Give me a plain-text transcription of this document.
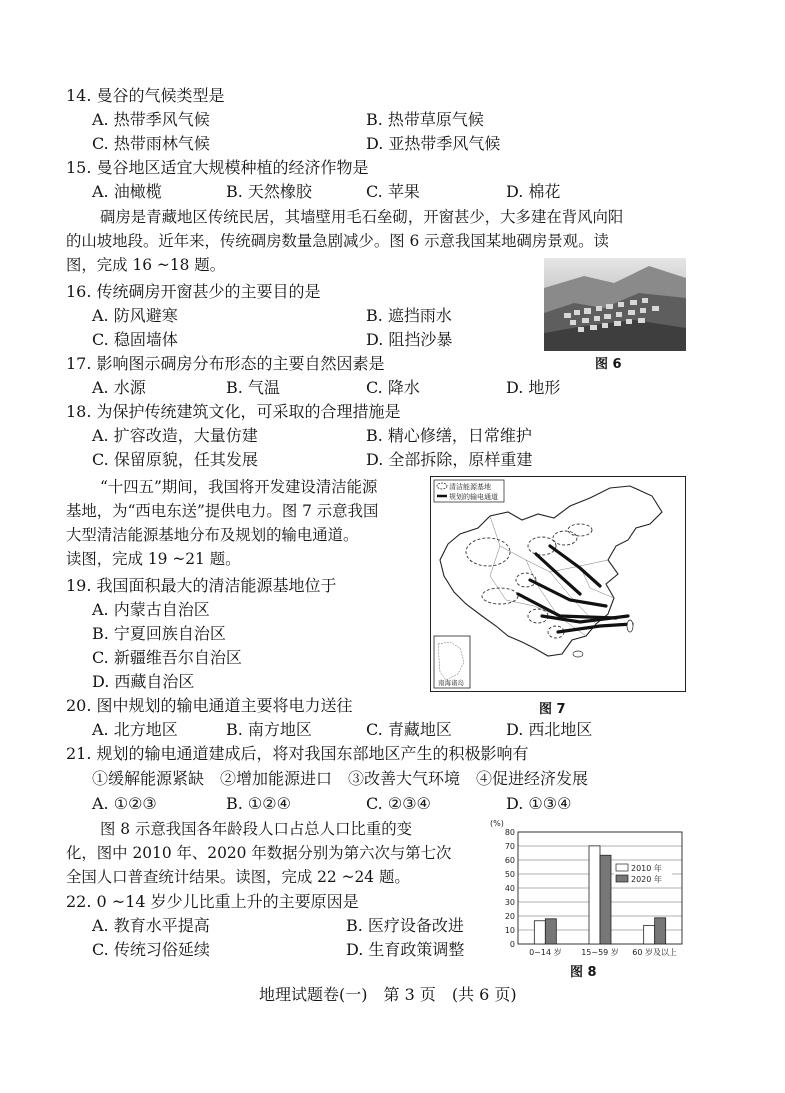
14. 曼谷的气候类型是
A. 热带季风气候	B. 热带草原气候
C. 热带雨林气候	D. 亚热带季风气候
15. 曼谷地区适宜大规模种植的经济作物是
A. 油橄榄	B. 天然橡胶	C. 苹果	D. 棉花
碉房是青藏地区传统民居，其墙壁用毛石垒砌，开窗甚少，大多建在背风向阳
的山坡地段。近年来，传统碉房数量急剧减少。图 6 示意我国某地碉房景观。读
图，完成 16 ~18 题。
16. 传统碉房开窗甚少的主要目的是
A. 防风避寒	B. 遮挡雨水
C. 稳固墙体	D. 阻挡沙暴
图 6
17. 影响图示碉房分布形态的主要自然因素是
A. 水源	B. 气温	C. 降水	D. 地形
18. 为保护传统建筑文化，可采取的合理措施是
A. 扩容改造，大量仿建	B. 精心修缮，日常维护
C. 保留原貌，任其发展	D. 全部拆除，原样重建
“十四五”期间，我国将开发建设清洁能源
基地，为“西电东送”提供电力。图 7 示意我国
大型清洁能源基地分布及规划的输电通道。
读图，完成 19 ~21 题。
清洁能源基地
规划的输电通道
南海诸岛
图 7
19. 我国面积最大的清洁能源基地位于
A. 内蒙古自治区
B. 宁夏回族自治区
C. 新疆维吾尔自治区
D. 西藏自治区
20. 图中规划的输电通道主要将电力送往
A. 北方地区	B. 南方地区	C. 青藏地区	D. 西北地区
21. 规划的输电通道建成后，将对我国东部地区产生的积极影响有
①缓解能源紧缺　②增加能源进口　③改善大气环境　④促进经济发展
A. ①②③	B. ①②④	C. ②③④	D. ①③④
图 8 示意我国各年龄段人口占总人口比重的变
化，图中 2010 年、2020 年数据分别为第六次与第七次
全国人口普查统计结果。读图，完成 22 ~24 题。
22. 0 ~14 岁少儿比重上升的主要原因是
A. 教育水平提高	B. 医疗设备改进
C. 传统习俗延续	D. 生育政策调整
(%)
0
10
20
30
40
50
60
70
80
0~14 岁 15~59 岁 60 岁及以上
2010 年
2020 年
图 8
地理试题卷(一)　第 3 页　(共 6 页)
